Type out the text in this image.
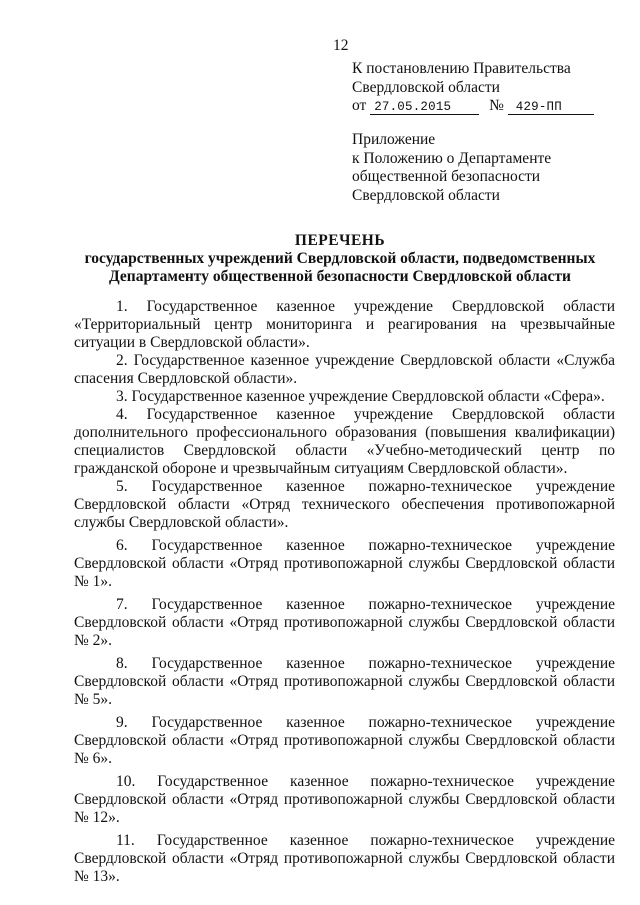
12
К постановлению Правительства
Свердловской области
от 27.05.2015 № 429-ПП
Приложение
к Положению о Департаменте
общественной безопасности
Свердловской области
ПЕРЕЧЕНЬ
государственных учреждений Свердловской области, подведомственных
Департаменту общественной безопасности Свердловской области

1. Государственное казенное учреждение Свердловской области «Территориальный центр мониторинга и реагирования на чрезвычайные ситуации в Свердловской области».

2. Государственное казенное учреждение Свердловской области «Служба спасения Свердловской области».

3. Государственное казенное учреждение Свердловской области «Сфера».

4. Государственное казенное учреждение Свердловской области дополнительного профессионального образования (повышения квалификации) специалистов Свердловской области «Учебно-методический центр по гражданской обороне и чрезвычайным ситуациям Свердловской области».

5. Государственное казенное пожарно-техническое учреждение Свердловской области «Отряд технического обеспечения противопожарной службы Свердловской области».

6. Государственное казенное пожарно-техническое учреждение Свердловской области «Отряд противопожарной службы Свердловской области № 1».

7. Государственное казенное пожарно-техническое учреждение Свердловской области «Отряд противопожарной службы Свердловской области № 2».

8. Государственное казенное пожарно-техническое учреждение Свердловской области «Отряд противопожарной службы Свердловской области № 5».

9. Государственное казенное пожарно-техническое учреждение Свердловской области «Отряд противопожарной службы Свердловской области № 6».

10. Государственное казенное пожарно-техническое учреждение Свердловской области «Отряд противопожарной службы Свердловской области № 12».

11. Государственное казенное пожарно-техническое учреждение Свердловской области «Отряд противопожарной службы Свердловской области № 13».
